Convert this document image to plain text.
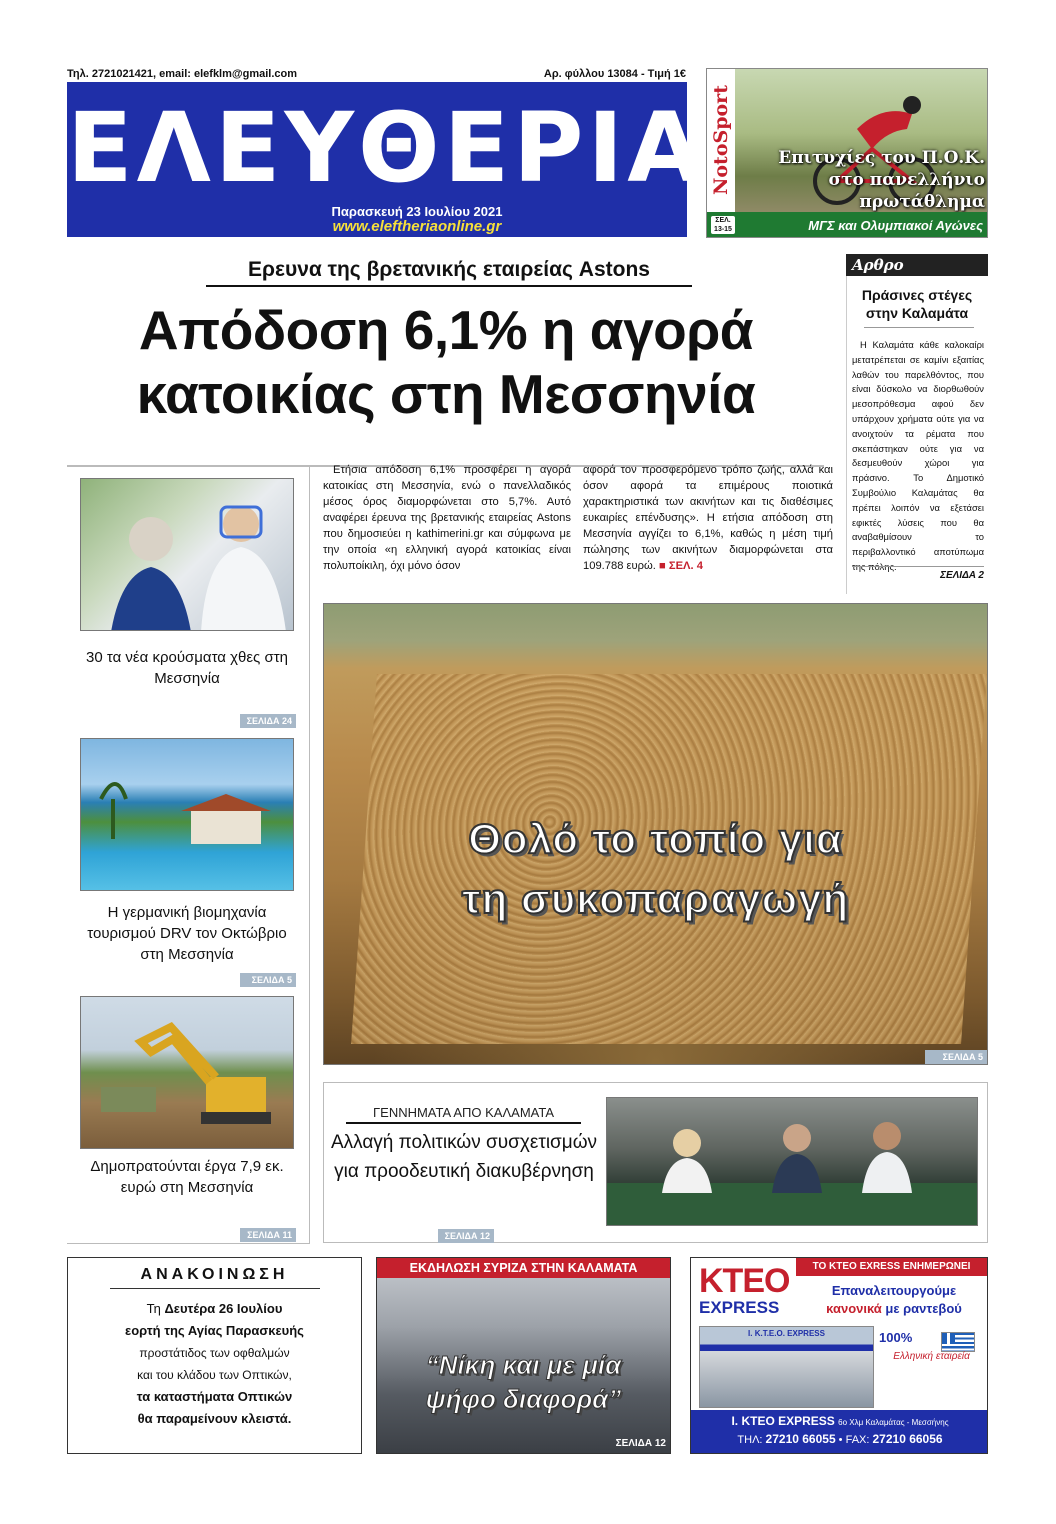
Τηλ. 2721021421, email: elefklm@gmail.com	Αρ. φύλλου 13084 - Τιμή 1€
ΕΛΕΥΘΕΡΙΑ
Παρασκευή 23 Ιουλίου 2021
www.eleftheriaonline.gr
NotoSport	Επιτυχίες του Π.Ο.Κ. στο πανελλήνιο πρωτάθλημα
ΣΕΛ. 13-15	ΜΓΣ και Ολυμπιακοί Αγώνες
Ερευνα της βρετανικής εταιρείας Astons
Απόδοση 6,1% η αγορά
κατοικίας στη Μεσσηνία
Ετήσια απόδοση 6,1% προσφέρει η αγορά κατοικίας στη Μεσσηνία, ενώ ο πανελλαδικός μέσος όρος διαμορφώνεται στο 5,7%. Αυτό αναφέρει έρευνα της βρετανικής εταιρείας Astons που δημοσιεύει η kathimerini.gr και σύμφωνα με την οποία «η ελληνική αγορά κατοικίας είναι πολυποίκιλη, όχι μόνο όσον
αφορά τον προσφερόμενο τρόπο ζωής, αλλά και όσον αφορά τα επιμέρους ποιοτικά χαρακτηριστικά των ακινήτων και τις διαθέσιμες ευκαιρίες επένδυσης». Η ετήσια απόδοση στη Μεσσηνία αγγίζει το 6,1%, καθώς η μέση τιμή πώλησης των ακινήτων διαμορφώνεται στα 109.788 ευρώ. ■ ΣΕΛ. 4
Αρθρο
Πράσινες στέγες στην Καλαμάτα
Η Καλαμάτα κάθε καλοκαίρι μετατρέπεται σε καμίνι εξαιτίας λαθών του παρελθόντος, που είναι δύσκολο να διορθωθούν μεσοπρόθεσμα αφού δεν υπάρχουν χρήματα ούτε για να ανοιχτούν τα ρέματα που σκεπάστηκαν ούτε για να δεσμευθούν χώροι για πράσινο. Το Δημοτικό Συμβούλιο Καλαμάτας θα πρέπει λοιπόν να εξετάσει εφικτές λύσεις που θα αναβαθμίσουν το περιβαλλοντικό αποτύπωμα
ΣΕΛΙΔΑ 2
30 τα νέα κρούσματα χθες στη Μεσσηνία
ΣΕΛΙΔΑ 24
Η γερμανική βιομηχανία τουρισμού DRV τον Οκτώβριο στη Μεσσηνία
ΣΕΛΙΔΑ 5
Δημοπρατούνται έργα 7,9 εκ. ευρώ στη Μεσσηνία
ΣΕΛΙΔΑ 11
Θολό το τοπίο για
τη συκοπαραγωγή
ΣΕΛΙΔΑ 5
ΓΕΝΝΗΜΑΤΑ ΑΠΟ ΚΑΛΑΜΑΤΑ
Αλλαγή πολιτικών συσχετισμών για προοδευτική διακυβέρνηση
ΣΕΛΙΔΑ 12
ΑΝΑΚΟΙΝΩΣΗ
Τη Δευτέρα 26 Ιουλίου
εορτή της Αγίας Παρασκευής
προστάτιδος των οφθαλμών
και του κλάδου των Οπτικών,
τα καταστήματα Οπτικών
θα παραμείνουν κλειστά.
ΕΚΔΗΛΩΣΗ ΣΥΡΙΖΑ ΣΤΗΝ ΚΑΛΑΜΑΤΑ
“Νίκη και με μία
ψήφο διαφορά”
ΣΕΛΙΔΑ 12
ΤΟ ΚΤΕΟ EXRESS ΕΝΗΜΕΡΩΝΕΙ
ΚΤΕΟ
EXPRESS
Επαναλειτουργούμε
κανονικά με ραντεβού
Ι. Κ.Τ.Ε.Ο. EXPRESS	100%
Ελληνική εταιρεία
Ι. ΚΤΕΟ EXPRESS 6ο Χλμ Καλαμάτας - Μεσσήνης
ΤΗΛ: 27210 66055 • FAX: 27210 66056
